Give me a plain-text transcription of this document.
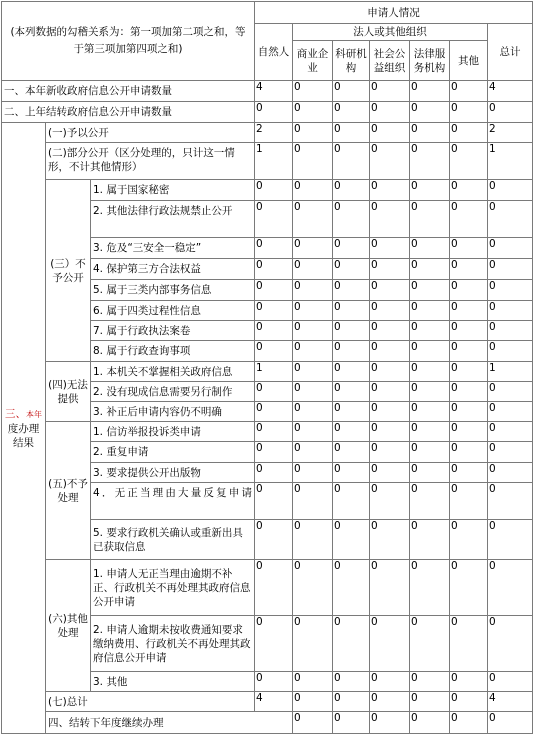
(本列数据的勾稽关系为：第一项加第二项之和，等于第三项加第四项之和)			申请人情况							
			自然人	法人或其他组织					总计	
				商业企业	科研机构	社会公益组织	法律服务机构	其他		
一、本年新收政府信息公开申请数量			4	0	0	0	0	0	4	
二、上年结转政府信息公开申请数量			0	0	0	0	0	0	0	
三、本年度办理结果	(一)予以公开		2	0	0	0	0	0	2	
	(二)部分公开（区分处理的，只计这一情形，不计其他情形）		1	0	0	0	0	0	1	
	(三）不予公开	1. 属于国家秘密	0	0	0	0	0	0	0	
		2. 其他法律行政法规禁止公开	0	0	0	0	0	0	0	
		3. 危及“三安全一稳定”	0	0	0	0	0	0	0	
		4. 保护第三方合法权益	0	0	0	0	0	0	0	
		5. 属于三类内部事务信息	0	0	0	0	0	0	0	
		6. 属于四类过程性信息	0	0	0	0	0	0	0	
		7. 属于行政执法案卷	0	0	0	0	0	0	0	
		8. 属于行政查询事项	0	0	0	0	0	0	0	
	(四)无法提供	1. 本机关不掌握相关政府信息	1	0	0	0	0	0	1	
		2. 没有现成信息需要另行制作	0	0	0	0	0	0	0	
		3. 补正后申请内容仍不明确	0	0	0	0	0	0	0	
	(五)不予处理	1. 信访举报投诉类申请	0	0	0	0	0	0	0	
		2. 重复申请	0	0	0	0	0	0	0	
		3. 要求提供公开出版物	0	0	0	0	0	0	0	
		4．无正当理由大量反复申请	0	0	0	0	0	0	0	
		5. 要求行政机关确认或重新出具已获取信息	0	0	0	0	0	0	0	
	(六)其他处理	1. 申请人无正当理由逾期不补正、行政机关不再处理其政府信息公开申请	0	0	0	0	0	0	0	
		2. 申请人逾期未按收费通知要求缴纳费用、行政机关不再处理其政府信息公开申请	0	0	0	0	0	0	0	
		3. 其他	0	0	0	0	0	0	0	
	(七)总计		4	0	0	0	0	0	4	
	四、结转下年度继续办理			0	0	0	0	0	0	
